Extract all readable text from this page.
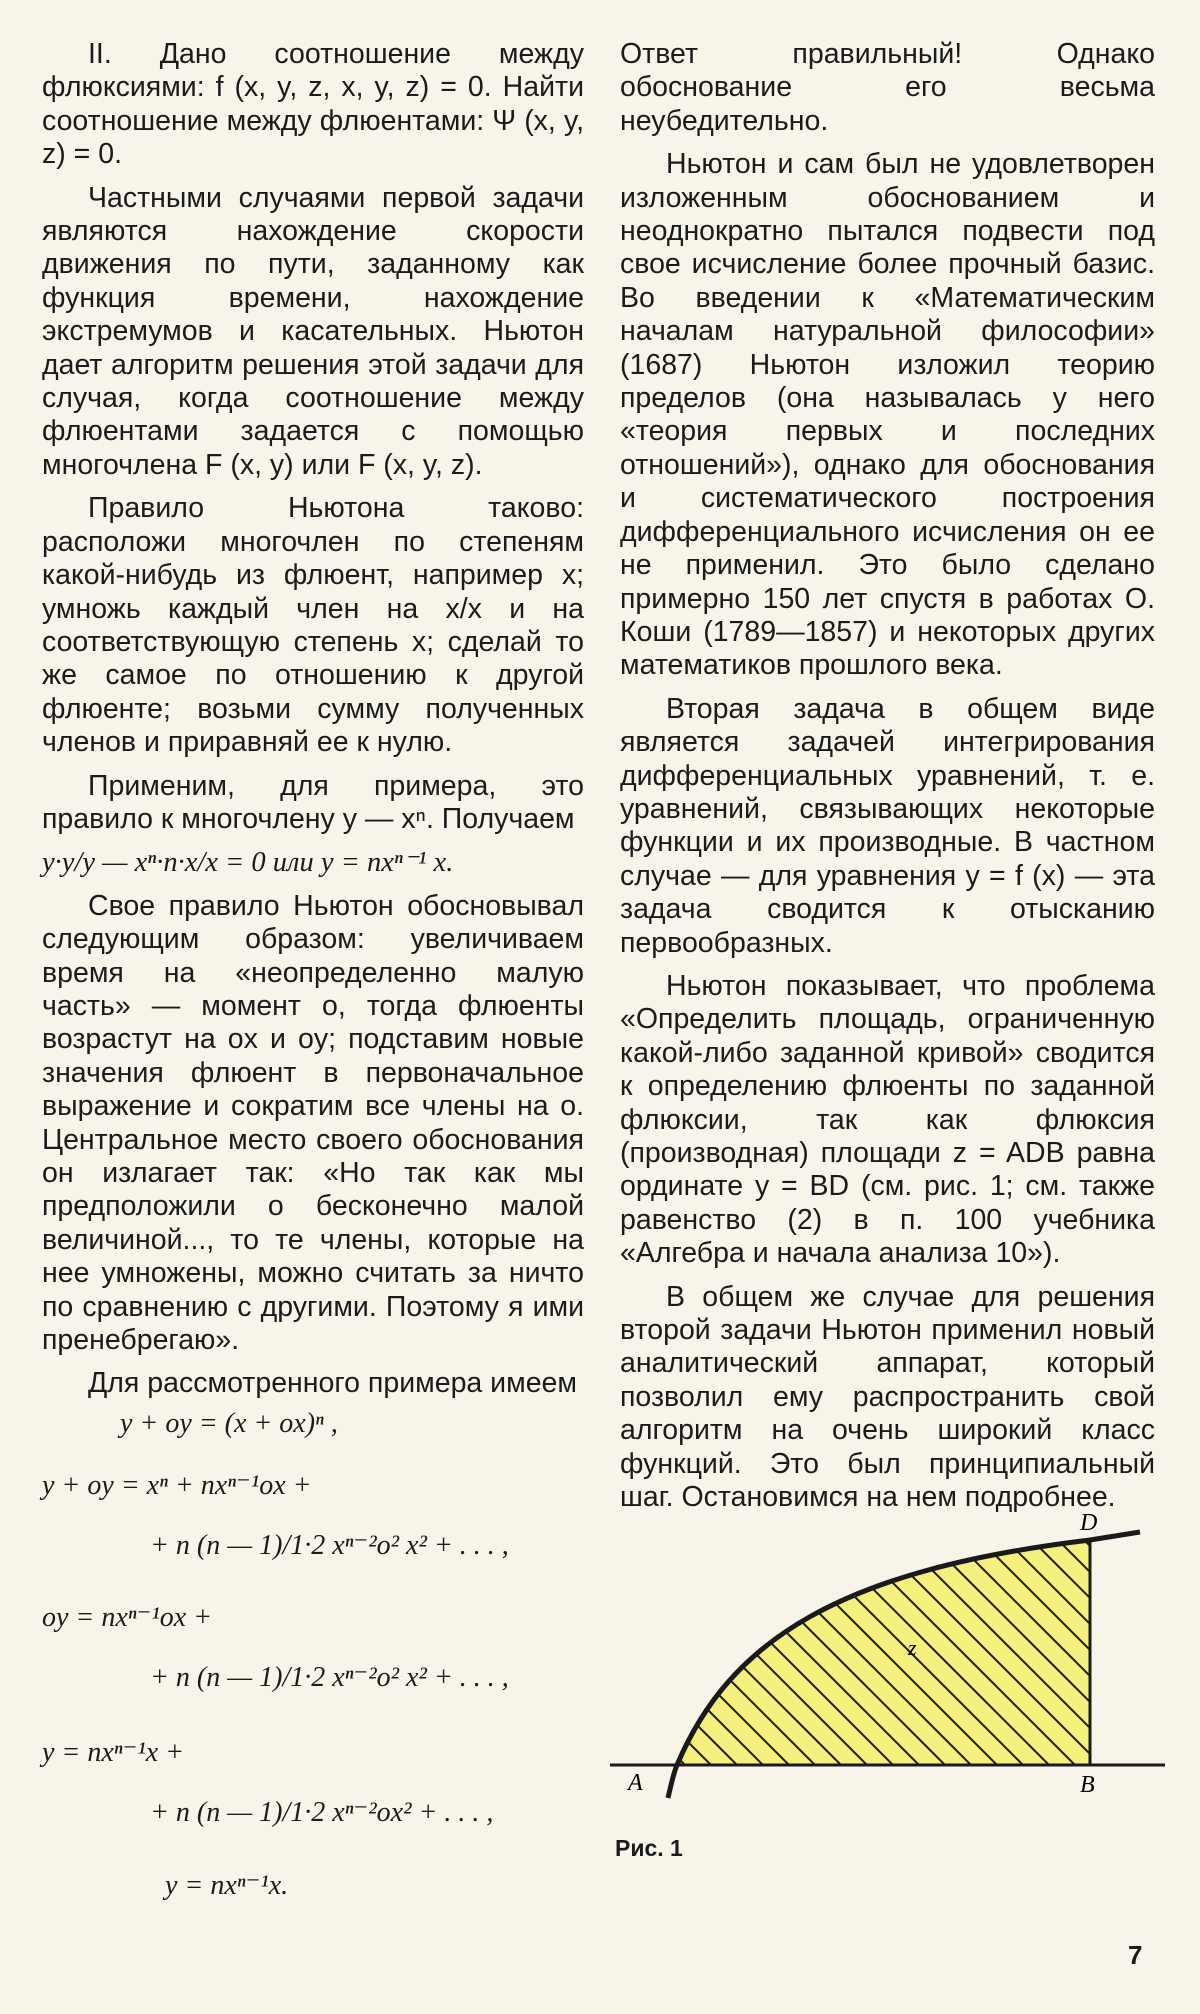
II. Дано соотношение между флюксиями: f (x, y, z, x, y, z) = 0. Найти соотношение между флюентами: Ψ (x, y, z) = 0.

Частными случаями первой задачи являются нахождение скорости движения по пути, заданному как функция времени, нахождение экстремумов и касательных. Ньютон дает алгоритм решения этой задачи для случая, когда соотношение между флюентами задается с помощью многочлена F (x, y) или F (x, y, z).

Правило Ньютона таково: расположи многочлен по степеням какой-нибудь из флюент, например x; умножь каждый член на x/x и на соответствующую степень x; сделай то же самое по отношению к другой флюенте; возьми сумму полученных членов и приравняй ее к нулю.

Применим, для примера, это правило к многочлену y — xⁿ. Получаем

y·y/y — xⁿ·n·x/x = 0 или y = nxⁿ⁻¹ x.

Свое правило Ньютон обосновывал следующим образом: увеличиваем время на «неопределенно малую часть» — момент o, тогда флюенты возрастут на ox и oy; подставим новые значения флюент в первоначальное выражение и сократим все члены на o. Центральное место своего обоснования он излагает так: «Но так как мы предположили o бесконечно малой величиной..., то те члены, которые на нее умножены, можно считать за ничто по сравнению с другими. Поэтому я ими пренебрегаю».

Для рассмотренного примера имеем

y + oy = (x + ox)ⁿ ,
y + oy = xⁿ + nxⁿ⁻¹ox +
+ n (n — 1)/1·2 xⁿ⁻²o² x² + . . . ,
oy = nxⁿ⁻¹ox +
+ n (n — 1)/1·2 xⁿ⁻²o² x² + . . . ,
y = nxⁿ⁻¹x +
+ n (n — 1)/1·2 xⁿ⁻²ox² + . . . ,
y = nxⁿ⁻¹x.

Ответ правильный! Однако обоснование его весьма неубедительно.

Ньютон и сам был не удовлетворен изложенным обоснованием и неоднократно пытался подвести под свое исчисление более прочный базис. Во введении к «Математическим началам натуральной философии» (1687) Ньютон изложил теорию пределов (она называлась у него «теория первых и последних отношений»), однако для обоснования и систематического построения дифференциального исчисления он ее не применил. Это было сделано примерно 150 лет спустя в работах О. Коши (1789—1857) и некоторых других математиков прошлого века.

Вторая задача в общем виде является задачей интегрирования дифференциальных уравнений, т. е. уравнений, связывающих некоторые функции и их производные. В частном случае — для уравнения y = f (x) — эта задача сводится к отысканию первообразных.

Ньютон показывает, что проблема «Определить площадь, ограниченную какой-либо заданной кривой» сводится к определению флюенты по заданной флюксии, так как флюксия (производная) площади z = ADB равна ординате y = BD (см. рис. 1; см. также равенство (2) в п. 100 учебника «Алгебра и начала анализа 10»).

В общем же случае для решения второй задачи Ньютон применил новый аналитический аппарат, который позволил ему распространить свой алгоритм на очень широкий класс функций. Это был принципиальный шаг. Остановимся на нем подробнее.

A	B
D
z
Рис. 1
7
